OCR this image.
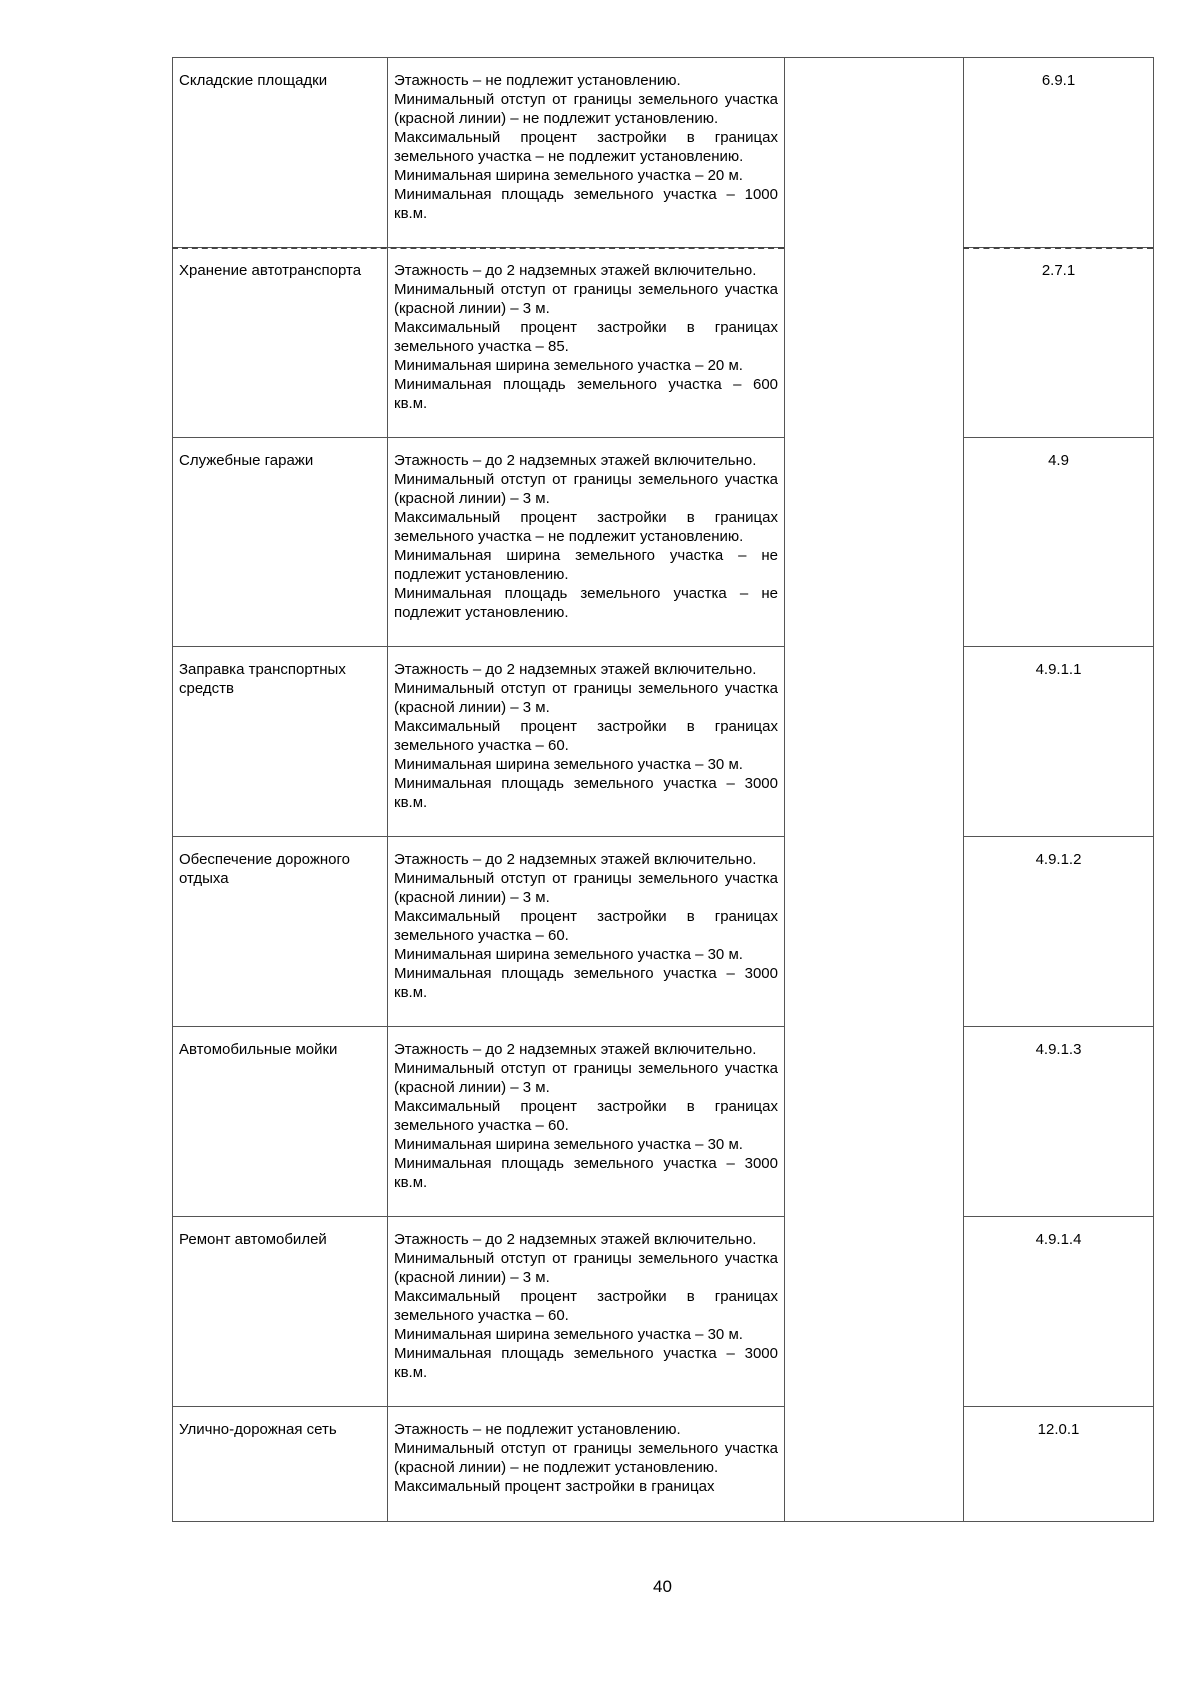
Складские площадки	Этажность – не подлежит установлению.

Минимальный отступ от границы земельного участка (красной линии) – не подлежит установлению.

Максимальный процент застройки в границах земельного участка – не подлежит установлению.

Минимальная ширина земельного участка – 20 м.

Минимальная площадь земельного участка – 1000 кв.м.		6.9.1
Хранение автотранспорта	Этажность – до 2 надземных этажей включительно.

Минимальный отступ от границы земельного участка (красной линии) – 3 м.

Максимальный процент застройки в границах земельного участка – 85.

Минимальная ширина земельного участка – 20 м.

Минимальная площадь земельного участка – 600 кв.м.		2.7.1
Служебные гаражи	Этажность – до 2 надземных этажей включительно.

Минимальный отступ от границы земельного участка (красной линии) – 3 м.

Максимальный процент застройки в границах земельного участка – не подлежит установлению.

Минимальная ширина земельного участка – не подлежит установлению.

Минимальная площадь земельного участка – не подлежит установлению.		4.9
Заправка транспортных средств	Этажность – до 2 надземных этажей включительно.

Минимальный отступ от границы земельного участка (красной линии) – 3 м.

Максимальный процент застройки в границах земельного участка – 60.

Минимальная ширина земельного участка – 30 м.

Минимальная площадь земельного участка – 3000 кв.м.		4.9.1.1
Обеспечение дорожного отдыха	Этажность – до 2 надземных этажей включительно.

Минимальный отступ от границы земельного участка (красной линии) – 3 м.

Максимальный процент застройки в границах земельного участка – 60.

Минимальная ширина земельного участка – 30 м.

Минимальная площадь земельного участка – 3000 кв.м.		4.9.1.2
Автомобильные мойки	Этажность – до 2 надземных этажей включительно.

Минимальный отступ от границы земельного участка (красной линии) – 3 м.

Максимальный процент застройки в границах земельного участка – 60.

Минимальная ширина земельного участка – 30 м.

Минимальная площадь земельного участка – 3000 кв.м.		4.9.1.3
Ремонт автомобилей	Этажность – до 2 надземных этажей включительно.

Минимальный отступ от границы земельного участка (красной линии) – 3 м.

Максимальный процент застройки в границах земельного участка – 60.

Минимальная ширина земельного участка – 30 м.

Минимальная площадь земельного участка – 3000 кв.м.		4.9.1.4
Улично-дорожная сеть	Этажность – не подлежит установлению.

Минимальный отступ от границы земельного участка (красной линии) – не подлежит установлению.

Максимальный процент застройки в границах		12.0.1
40
